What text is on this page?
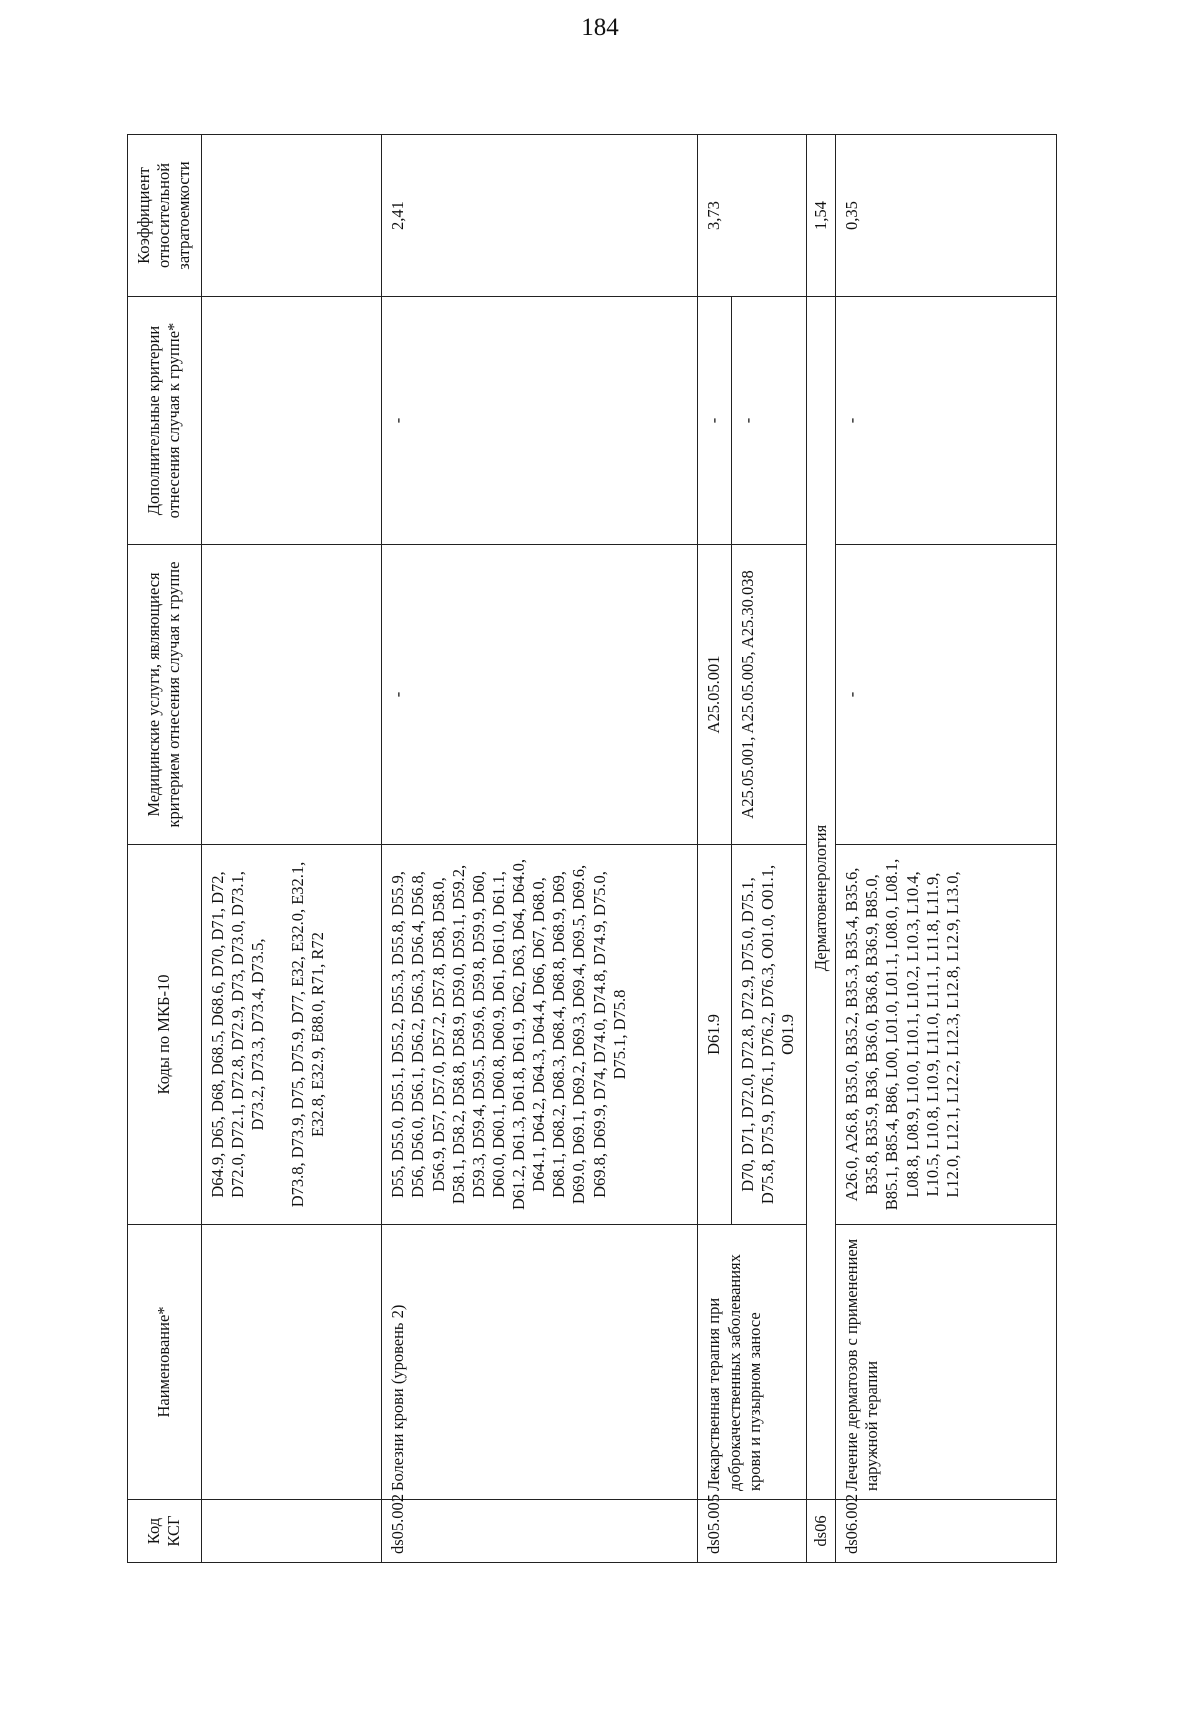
184
Код КСГ	Наименование*	Коды по МКБ-10	Медицинские услуги, являющиеся критерием отнесения случая к группе	Дополнительные критерии отнесения случая к группе*	Коэффициент относительной затратоемкости

		D64.9, D65, D68, D68.5, D68.6, D70, D71, D72, D72.0, D72.1, D72.8, D72.9, D73, D73.0, D73.1, D73.2, D73.3, D73.4, D73.5, D73.8, D73.9, D75, D75.9, D77, E32, E32.0, E32.1, E32.8, E32.9, E88.0, R71, R72			

ds05.002	Болезни крови (уровень 2)	D55, D55.0, D55.1, D55.2, D55.3, D55.8, D55.9, D56, D56.0, D56.1, D56.2, D56.3, D56.4, D56.8, D56.9, D57, D57.0, D57.2, D57.8, D58, D58.0, D58.1, D58.2, D58.8, D58.9, D59.0, D59.1, D59.2, D59.3, D59.4, D59.5, D59.6, D59.8, D59.9, D60, D60.0, D60.1, D60.8, D60.9, D61, D61.0, D61.1, D61.2, D61.3, D61.8, D61.9, D62, D63, D64, D64.0, D64.1, D64.2, D64.3, D64.4, D66, D67, D68.0, D68.1, D68.2, D68.3, D68.4, D68.8, D68.9, D69, D69.0, D69.1, D69.2, D69.3, D69.4, D69.5, D69.6, D69.8, D69.9, D74, D74.0, D74.8, D74.9, D75.0, D75.1, D75.8	-	-	2,41
ds05.005	Лекарственная терапия при доброкачественных заболеваниях крови и пузырном заносе	D61.9	A25.05.001	-	3,73
		D70, D71, D72.0, D72.8, D72.9, D75.0, D75.1, D75.8, D75.9, D76.1, D76.2, D76.3, O01.0, O01.1, O01.9	A25.05.001, A25.05.005, A25.30.038	-	
ds06	Дерматовенерология				1,54
ds06.002	Лечение дерматозов с применением наружной терапии	A26.0, A26.8, B35.0, B35.2, B35.3, B35.4, B35.6, B35.8, B35.9, B36, B36.0, B36.8, B36.9, B85.0, B85.1, B85.4, B86, L00, L01.0, L01.1, L08.0, L08.1, L08.8, L08.9, L10.0, L10.1, L10.2, L10.3, L10.4, L10.5, L10.8, L10.9, L11.0, L11.1, L11.8, L11.9, L12.0, L12.1, L12.2, L12.3, L12.8, L12.9, L13.0,	-	-	0,35
